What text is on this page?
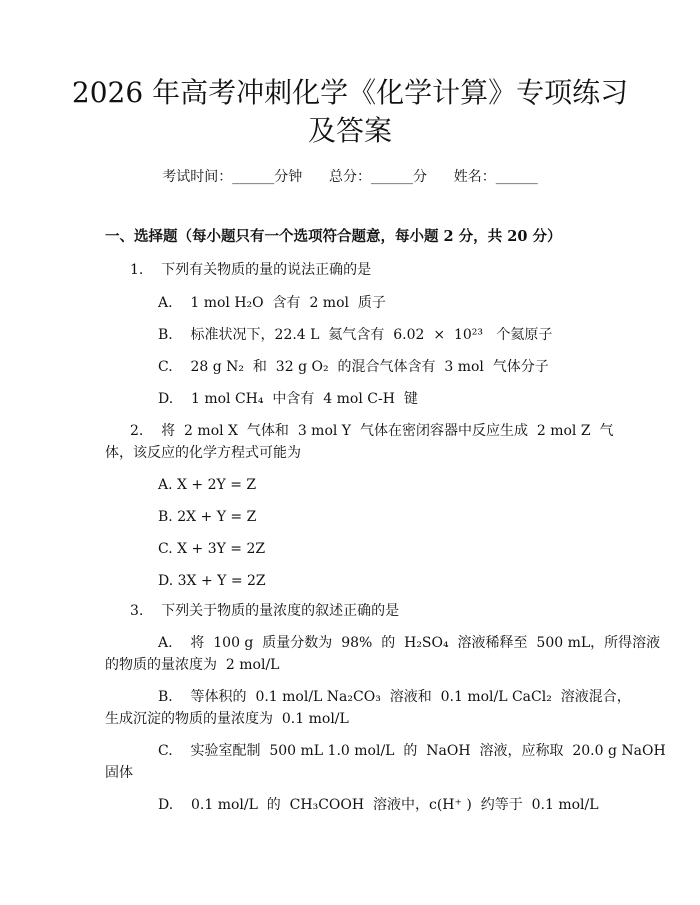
2026 年高考冲刺化学《化学计算》专项练习
及答案
考试时间：______分钟      总分：______分      姓名：______
一、选择题（每小题只有一个选项符合题意，每小题 2 分，共 20 分）
1.    下列有关物质的量的说法正确的是
A.    1 mol H₂O  含有  2 mol  质子
B.    标准状况下，22.4 L  氦气含有  6.02  ×  10²³   个氦原子
C.    28 g N₂  和  32 g O₂  的混合气体含有  3 mol  气体分子
D.    1 mol CH₄  中含有  4 mol C-H  键
2.    将  2 mol X  气体和  3 mol Y  气体在密闭容器中反应生成  2 mol Z  气
体，该反应的化学方程式可能为
A. X + 2Y = Z
B. 2X + Y = Z
C. X + 3Y = 2Z
D. 3X + Y = 2Z
3.    下列关于物质的量浓度的叙述正确的是
A.    将  100 g  质量分数为  98%  的  H₂SO₄  溶液稀释至  500 mL，所得溶液
的物质的量浓度为  2 mol/L
B.    等体积的  0.1 mol/L Na₂CO₃  溶液和  0.1 mol/L CaCl₂  溶液混合，
生成沉淀的物质的量浓度为  0.1 mol/L
C.    实验室配制  500 mL 1.0 mol/L  的  NaOH  溶液，应称取  20.0 g NaOH
固体
D.    0.1 mol/L  的  CH₃COOH  溶液中，c(H⁺ )  约等于  0.1 mol/L
